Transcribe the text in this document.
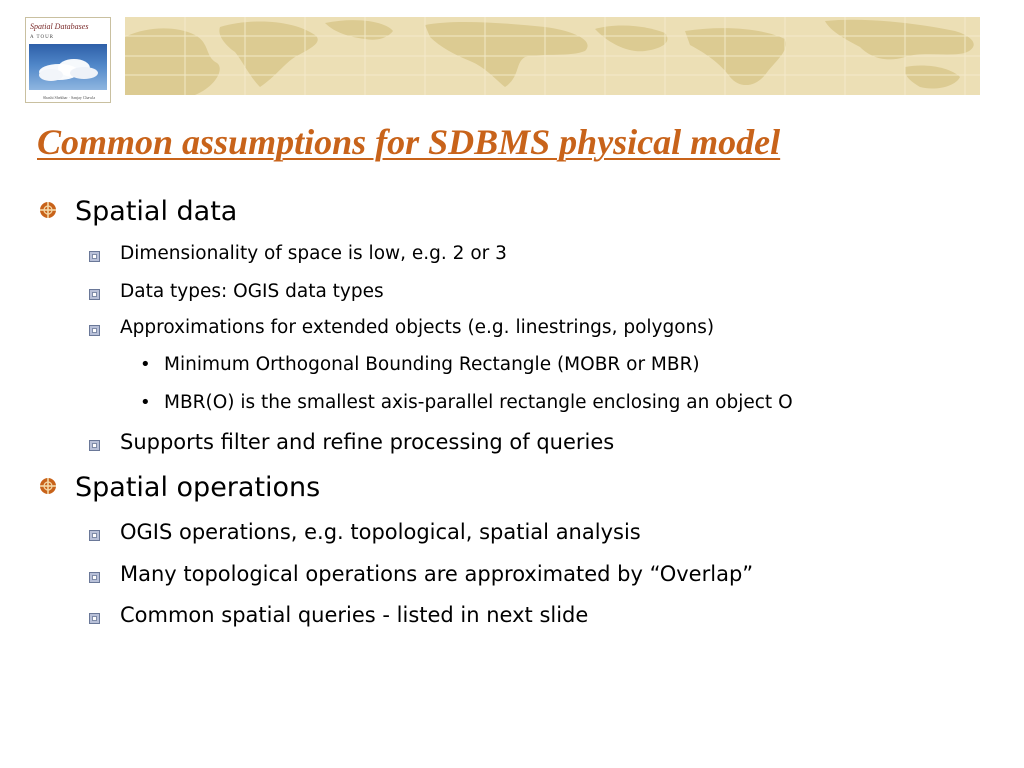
Spatial Databases
A TOUR
Shashi Shekhar · Sanjay Chawla
Common assumptions for SDBMS physical model
Spatial data
Dimensionality of space is low, e.g. 2 or 3
Data types: OGIS data types
Approximations for extended objects (e.g. linestrings, polygons)
• Minimum Orthogonal Bounding Rectangle (MOBR or MBR)
• MBR(O) is the smallest axis-parallel rectangle enclosing an object O
Supports filter and refine processing of queries
Spatial operations
OGIS operations, e.g. topological, spatial analysis
Many topological operations are approximated by “Overlap”
Common spatial queries - listed in next slide
